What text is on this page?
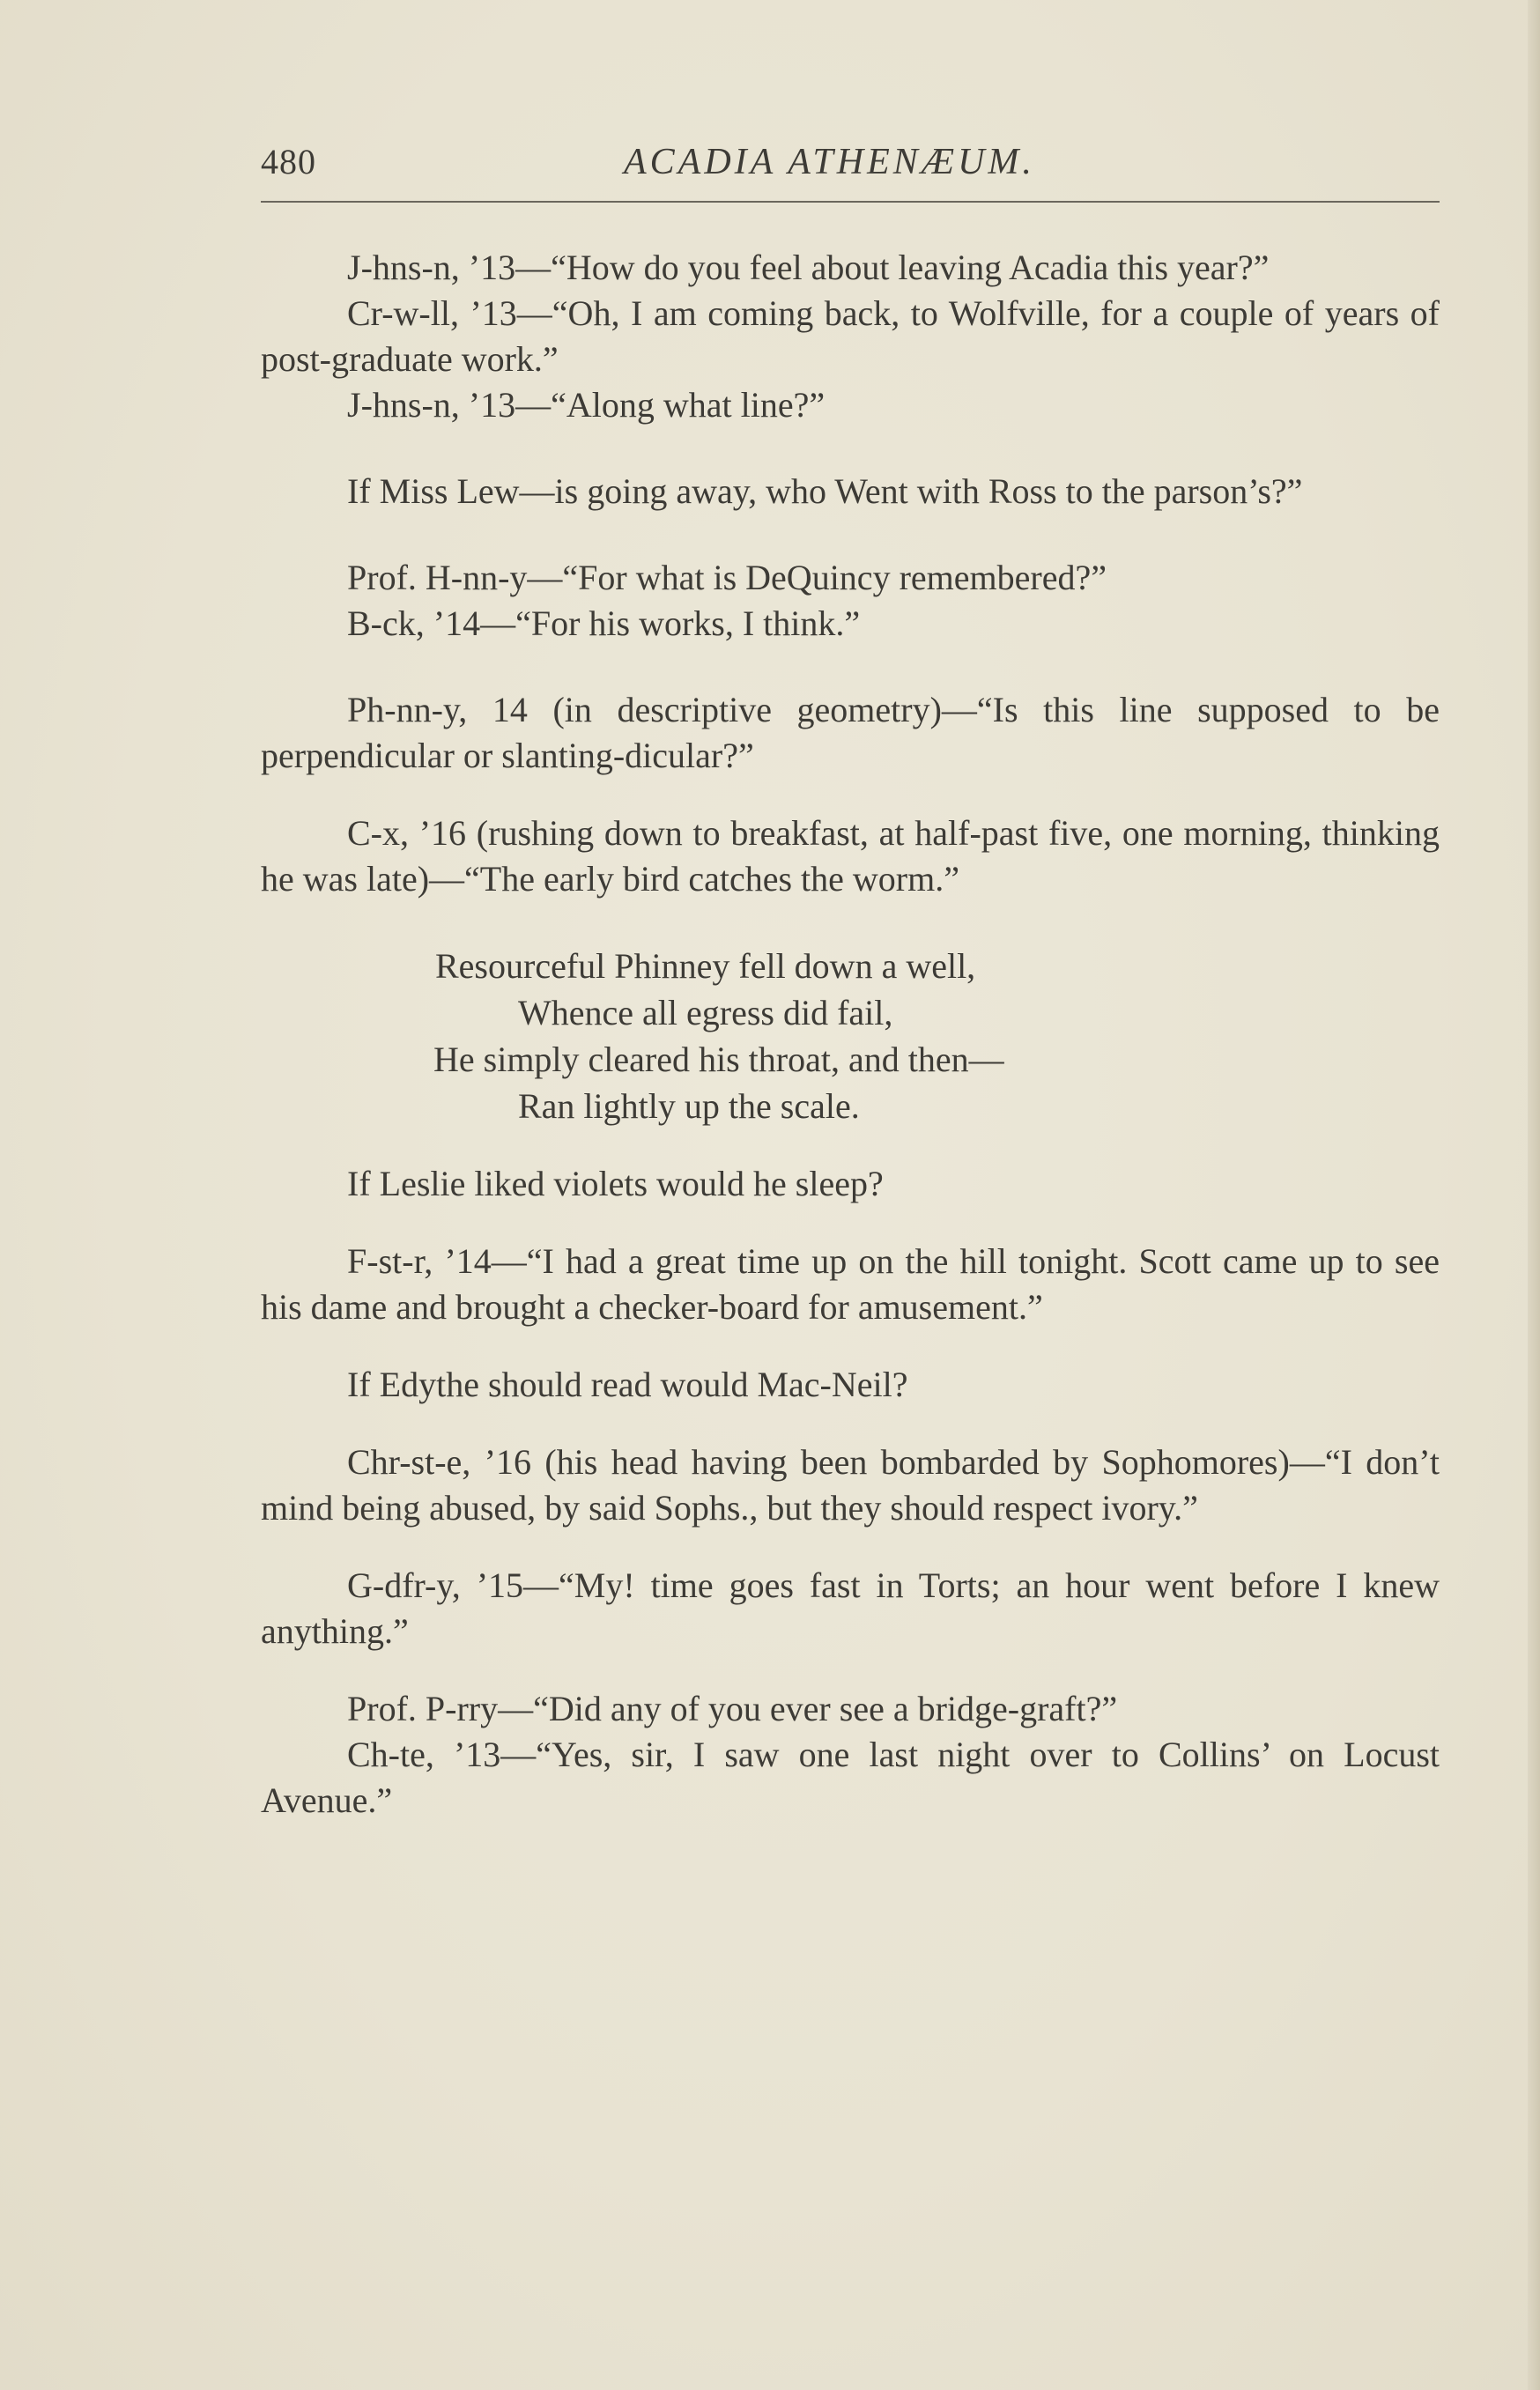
480	ACADIA ATHENÆUM.

J-hns-n, ’13—“How do you feel about leaving Acadia this year?”

Cr-w-ll, ’13—“Oh, I am coming back, to Wolfville, for a couple of years of post-graduate work.”

J-hns-n, ’13—“Along what line?”

If Miss Lew—is going away, who Went with Ross to the parson’s?”

Prof. H-nn-y—“For what is DeQuincy remembered?”

B-ck, ’14—“For his works, I think.”

Ph-nn-y, 14 (in descriptive geometry)—“Is this line supposed to be perpendicular or slanting-dicular?”

C-x, ’16 (rushing down to breakfast, at half-past five, one morning, thinking he was late)—“The early bird catches the worm.”

Resourceful Phinney fell down a well,
Whence all egress did fail,
He simply cleared his throat, and then—
Ran lightly up the scale.

If Leslie liked violets would he sleep?

F-st-r, ’14—“I had a great time up on the hill tonight. Scott came up to see his dame and brought a checker-board for amusement.”

If Edythe should read would Mac-Neil?

Chr-st-e, ’16 (his head having been bombarded by Sophomores)—“I don’t mind being abused, by said Sophs., but they should respect ivory.”

G-dfr-y, ’15—“My! time goes fast in Torts; an hour went before I knew anything.”

Prof. P-rry—“Did any of you ever see a bridge-graft?”

Ch-te, ’13—“Yes, sir, I saw one last night over to Collins’ on Locust Avenue.”
